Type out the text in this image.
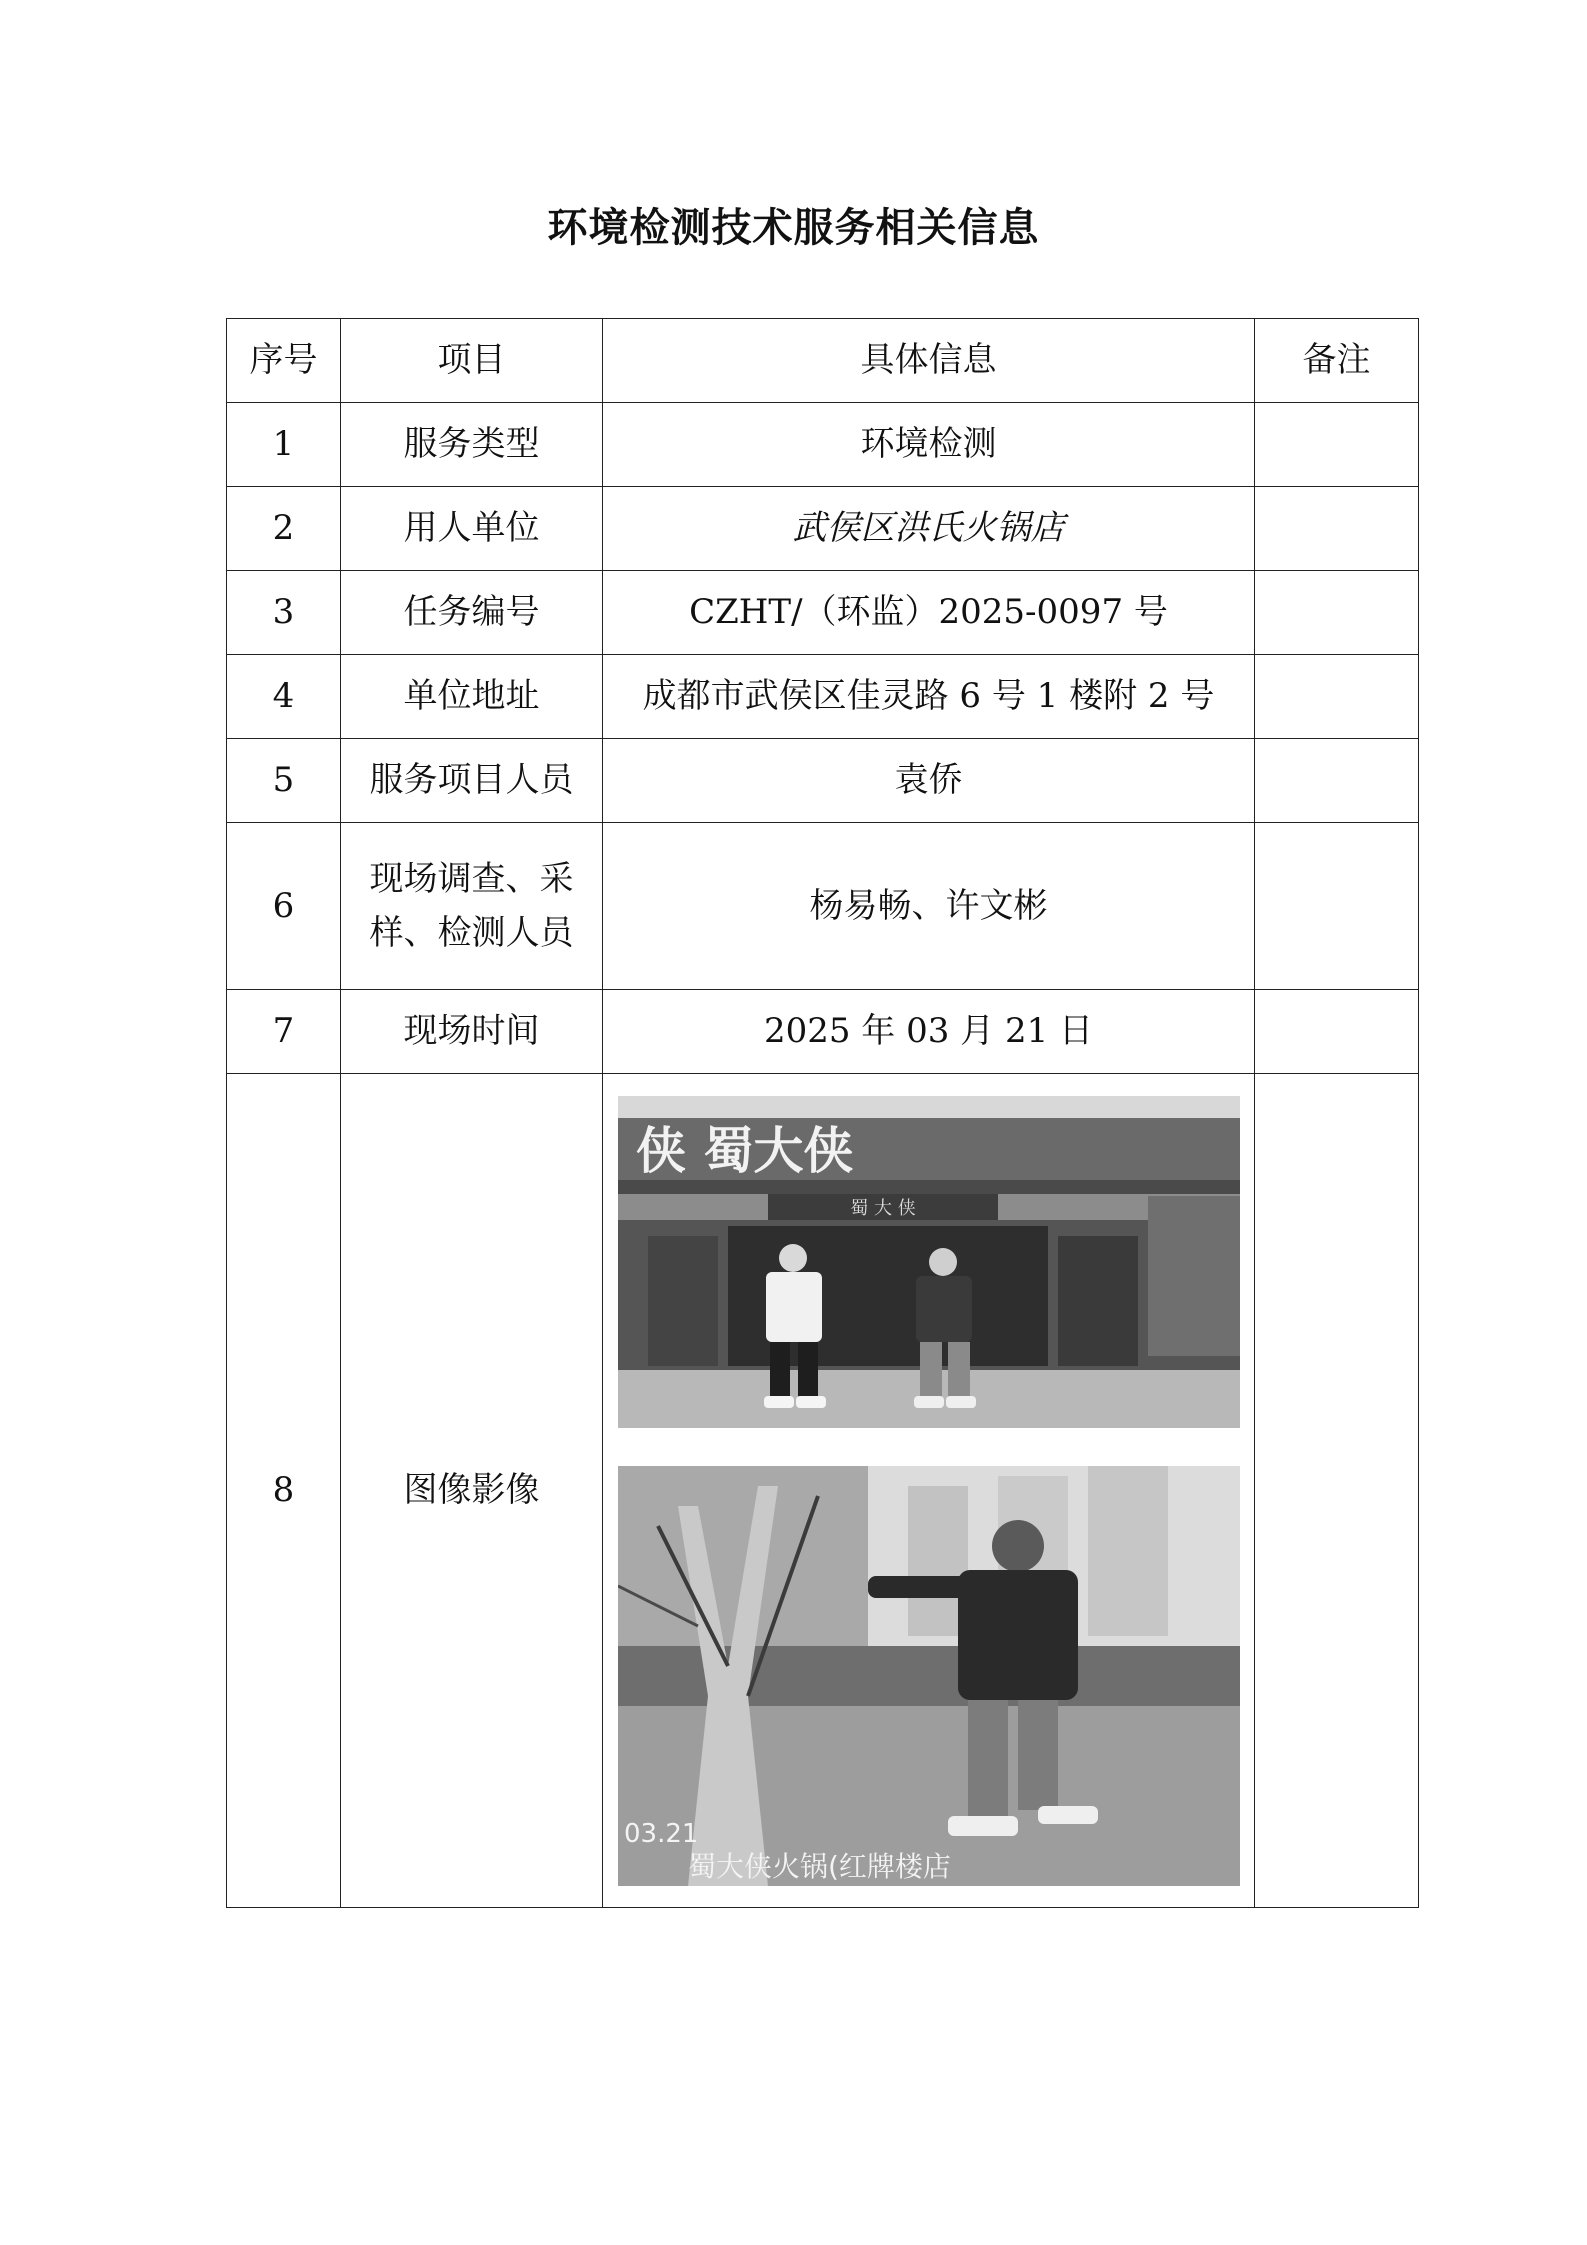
环境检测技术服务相关信息
序号	项目	具体信息	备注
1	服务类型	环境检测	
2	用人单位	武侯区洪氏火锅店	
3	任务编号	CZHT/（环监）2025-0097 号	
4	单位地址	成都市武侯区佳灵路 6 号 1 楼附 2 号	
5	服务项目人员	袁侨	
6	现场调查、采
样、检测人员	杨易畅、许文彬	
7	现场时间	2025 年 03 月 21 日	
8	图像影像	侠 蜀大侠
蜀 大 侠
03.21
蜀大侠火锅(红牌楼店	
